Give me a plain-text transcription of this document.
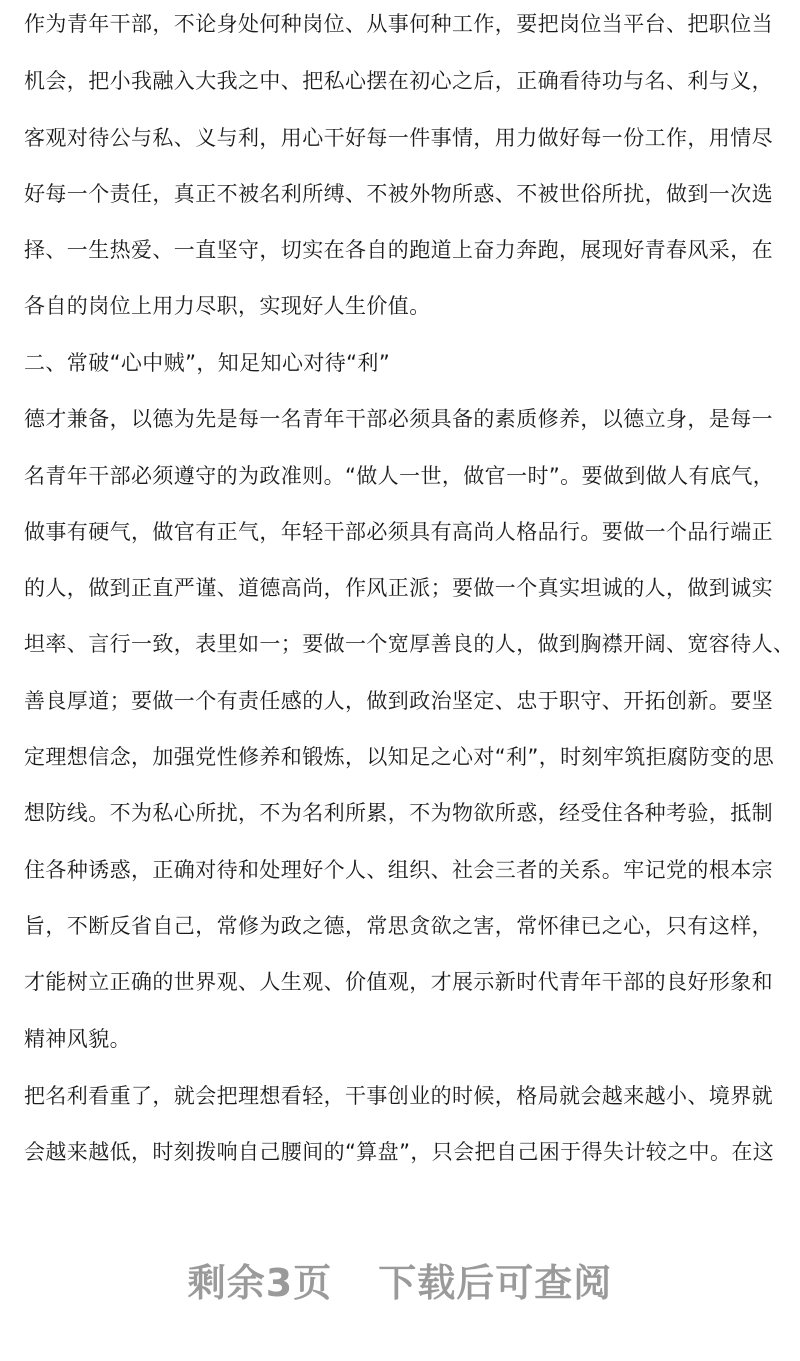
作为青年干部，不论身处何种岗位、从事何种工作，要把岗位当平台、把职位当
机会，把小我融入大我之中、把私心摆在初心之后，正确看待功与名、利与义，
客观对待公与私、义与利，用心干好每一件事情，用力做好每一份工作，用情尽
好每一个责任，真正不被名利所缚、不被外物所惑、不被世俗所扰，做到一次选
择、一生热爱、一直坚守，切实在各自的跑道上奋力奔跑，展现好青春风采，在
各自的岗位上用力尽职，实现好人生价值。
二、常破“心中贼”，知足知心对待“利”
德才兼备，以德为先是每一名青年干部必须具备的素质修养，以德立身，是每一
名青年干部必须遵守的为政准则。“做人一世，做官一时”。要做到做人有底气，
做事有硬气，做官有正气，年轻干部必须具有高尚人格品行。要做一个品行端正
的人，做到正直严谨、道德高尚，作风正派；要做一个真实坦诚的人，做到诚实
坦率、言行一致，表里如一；要做一个宽厚善良的人，做到胸襟开阔、宽容待人、
善良厚道；要做一个有责任感的人，做到政治坚定、忠于职守、开拓创新。要坚
定理想信念，加强党性修养和锻炼，以知足之心对“利”，时刻牢筑拒腐防变的思
想防线。不为私心所扰，不为名利所累，不为物欲所惑，经受住各种考验，抵制
住各种诱惑，正确对待和处理好个人、组织、社会三者的关系。牢记党的根本宗
旨，不断反省自己，常修为政之德，常思贪欲之害，常怀律已之心，只有这样，
才能树立正确的世界观、人生观、价值观，才展示新时代青年干部的良好形象和
精神风貌。
把名利看重了，就会把理想看轻，干事创业的时候，格局就会越来越小、境界就
会越来越低，时刻拨响自己腰间的“算盘”，只会把自己困于得失计较之中。在这
剩余3页 下载后可查阅
